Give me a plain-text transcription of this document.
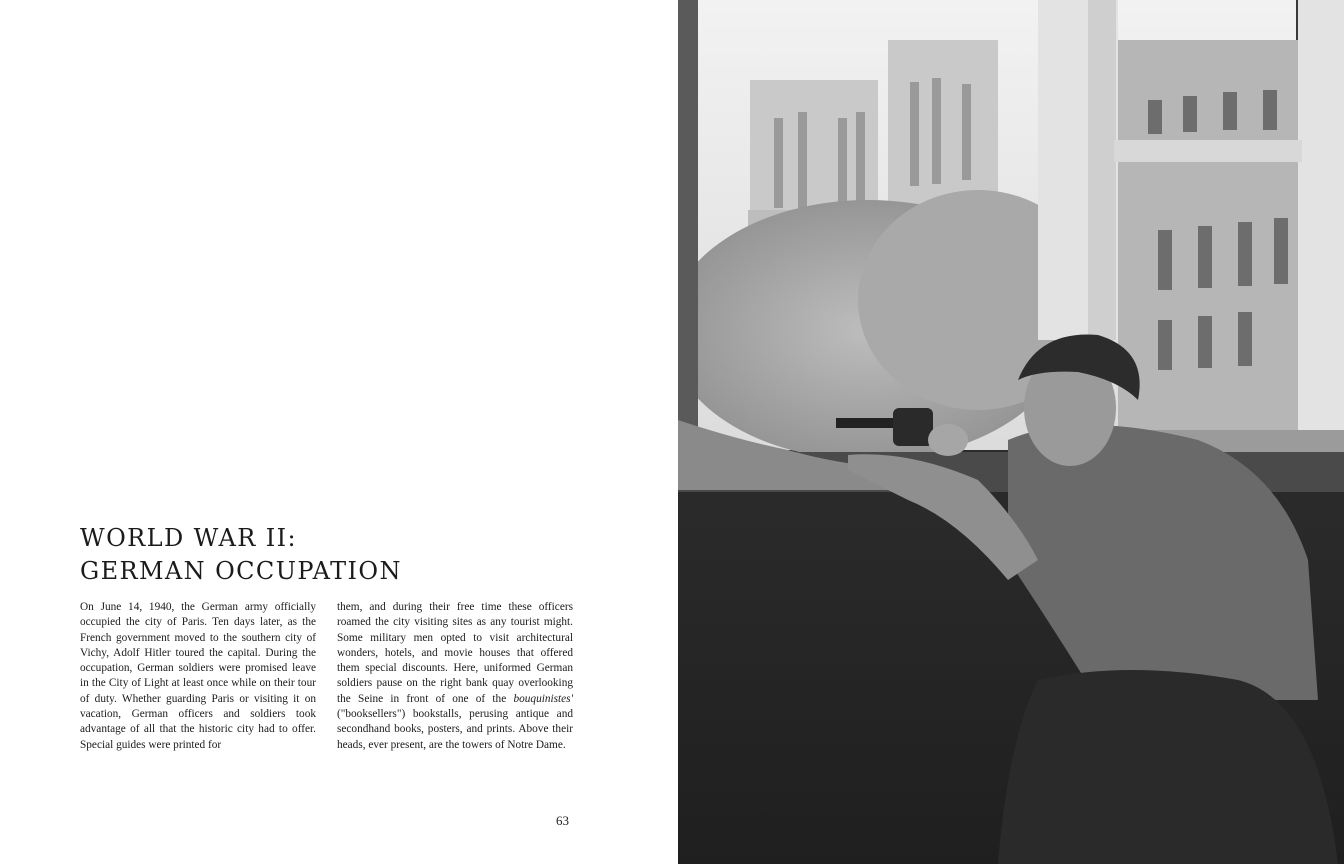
WORLD WAR II:
GERMAN OCCUPATION

On June 14, 1940, the German army officially occupied the city of Paris. Ten days later, as the French government moved to the southern city of Vichy, Adolf Hitler toured the capital. During the occupation, German soldiers were promised leave in the City of Light at least once while on their tour of duty. Whether guarding Paris or visiting it on vacation, German officers and soldiers took advantage of all that the historic city had to offer. Special guides were printed for

them, and during their free time these officers roamed the city visiting sites as any tourist might. Some military men opted to visit architectural wonders, hotels, and movie houses that offered them special discounts. Here, uniformed German soldiers pause on the right bank quay overlooking the Seine in front of one of the bouquinistes' ("booksellers") bookstalls, perusing antique and secondhand books, posters, and prints. Above their heads, ever present, are the towers of Notre Dame.

63
